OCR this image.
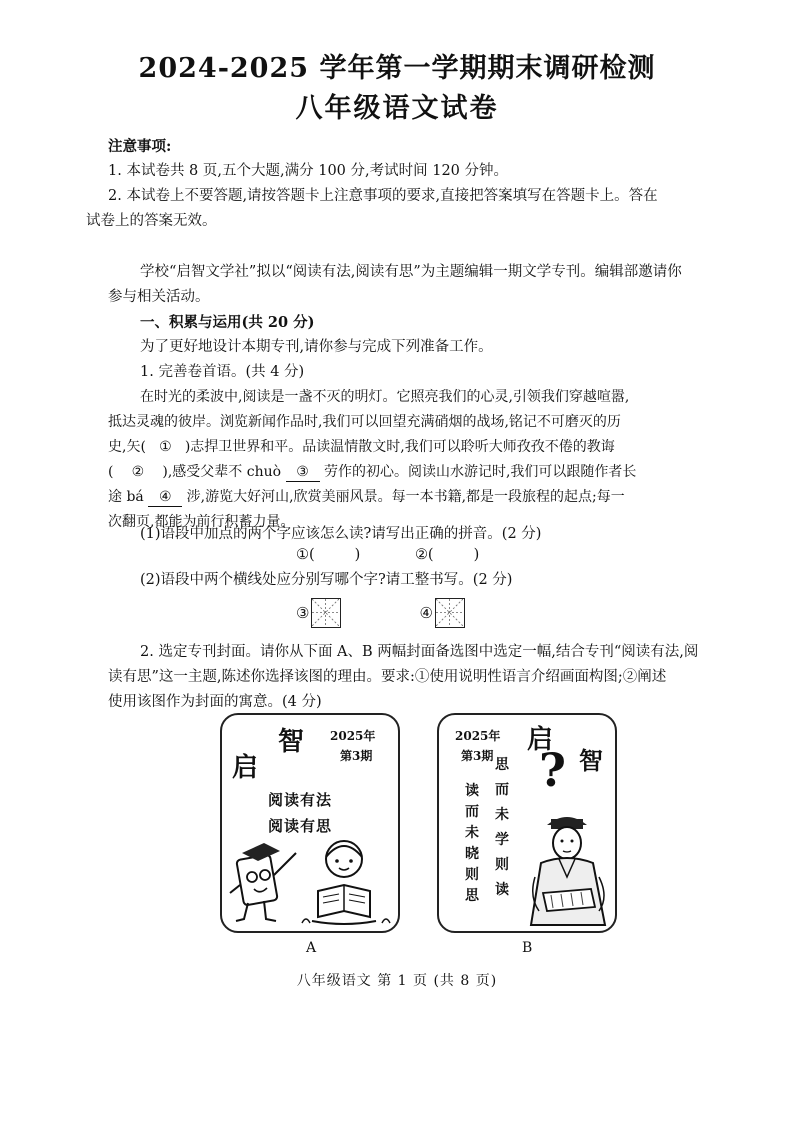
2024-2025 学年第一学期期末调研检测
八年级语文试卷
注意事项:
1. 本试卷共 8 页,五个大题,满分 100 分,考试时间 120 分钟。
2. 本试卷上不要答题,请按答题卡上注意事项的要求,直接把答案填写在答题卡上。答在
试卷上的答案无效。
学校“启智文学社”拟以“阅读有法,阅读有思”为主题编辑一期文学专刊。编辑部邀请你
参与相关活动。
一、积累与运用(共 20 分)
为了更好地设计本期专刊,请你参与完成下列准备工作。
1. 完善卷首语。(共 4 分)
在时光的柔波中,阅读是一盏不灭的明灯。它照亮我们的心灵,引领我们穿越喧嚣,
抵达灵魂的彼岸。浏览新闻作品时,我们可以回望充满硝烟的战场,铭记不可磨灭的历
史,矢( ① )志捍卫世界和平。品读温情散文时,我们可以聆听大师孜孜不倦的教诲
( ② ),感受父辈不 chuò ③ 劳作的初心。阅读山水游记时,我们可以跟随作者长
途 bá ④ 涉,游览大好河山,欣赏美丽风景。每一本书籍,都是一段旅程的起点;每一
次翻页,都能为前行积蓄力量。
(1)语段中加点的两个字应该怎么读?请写出正确的拼音。(2 分)
①(	)	②(	)
(2)语段中两个横线处应分别写哪个字?请工整书写。(2 分)
③	④
2. 选定专刊封面。请你从下面 A、B 两幅封面备选图中选定一幅,结合专刊“阅读有法,阅
读有思”这一主题,陈述你选择该图的理由。要求:①使用说明性语言介绍画面构图;②阐述
使用该图作为封面的寓意。(4 分)
智
启
2025年
第3期
阅读有法
阅读有思
A
2025年
第3期
启
智
?
读而未晓则思
思而未学则读
B
八年级语文 第 1 页 (共 8 页)
